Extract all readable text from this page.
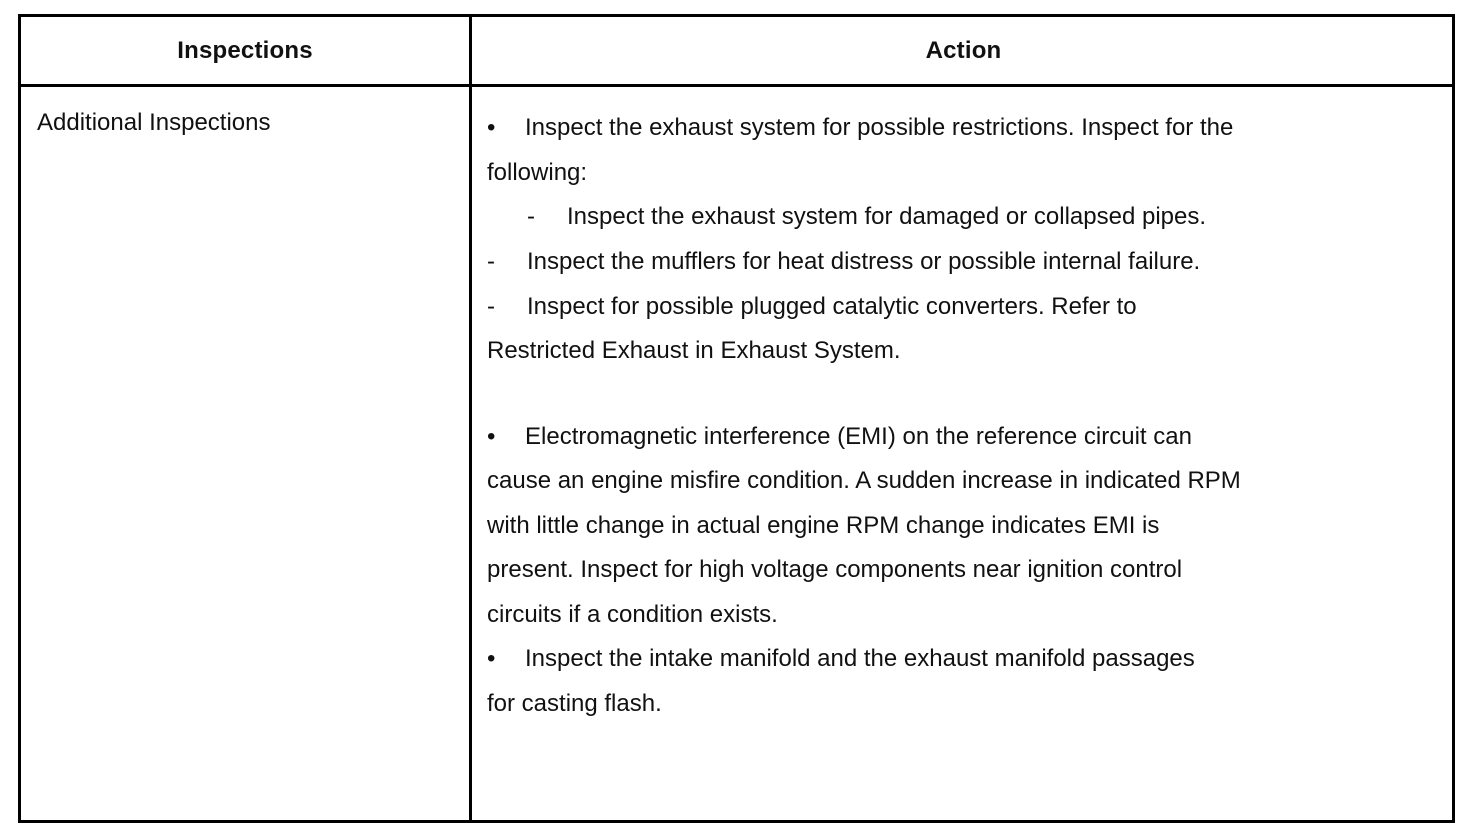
Inspections	Action
Additional Inspections	• Inspect the exhaust system for possible restrictions. Inspect for the
following:
- Inspect the exhaust system for damaged or collapsed pipes.
- Inspect the mufflers for heat distress or possible internal failure.
- Inspect for possible plugged catalytic converters. Refer to
Restricted Exhaust in Exhaust System.
• Electromagnetic interference (EMI) on the reference circuit can
cause an engine misfire condition. A sudden increase in indicated RPM
with little change in actual engine RPM change indicates EMI is
present. Inspect for high voltage components near ignition control
circuits if a condition exists.
• Inspect the intake manifold and the exhaust manifold passages
for casting flash.
